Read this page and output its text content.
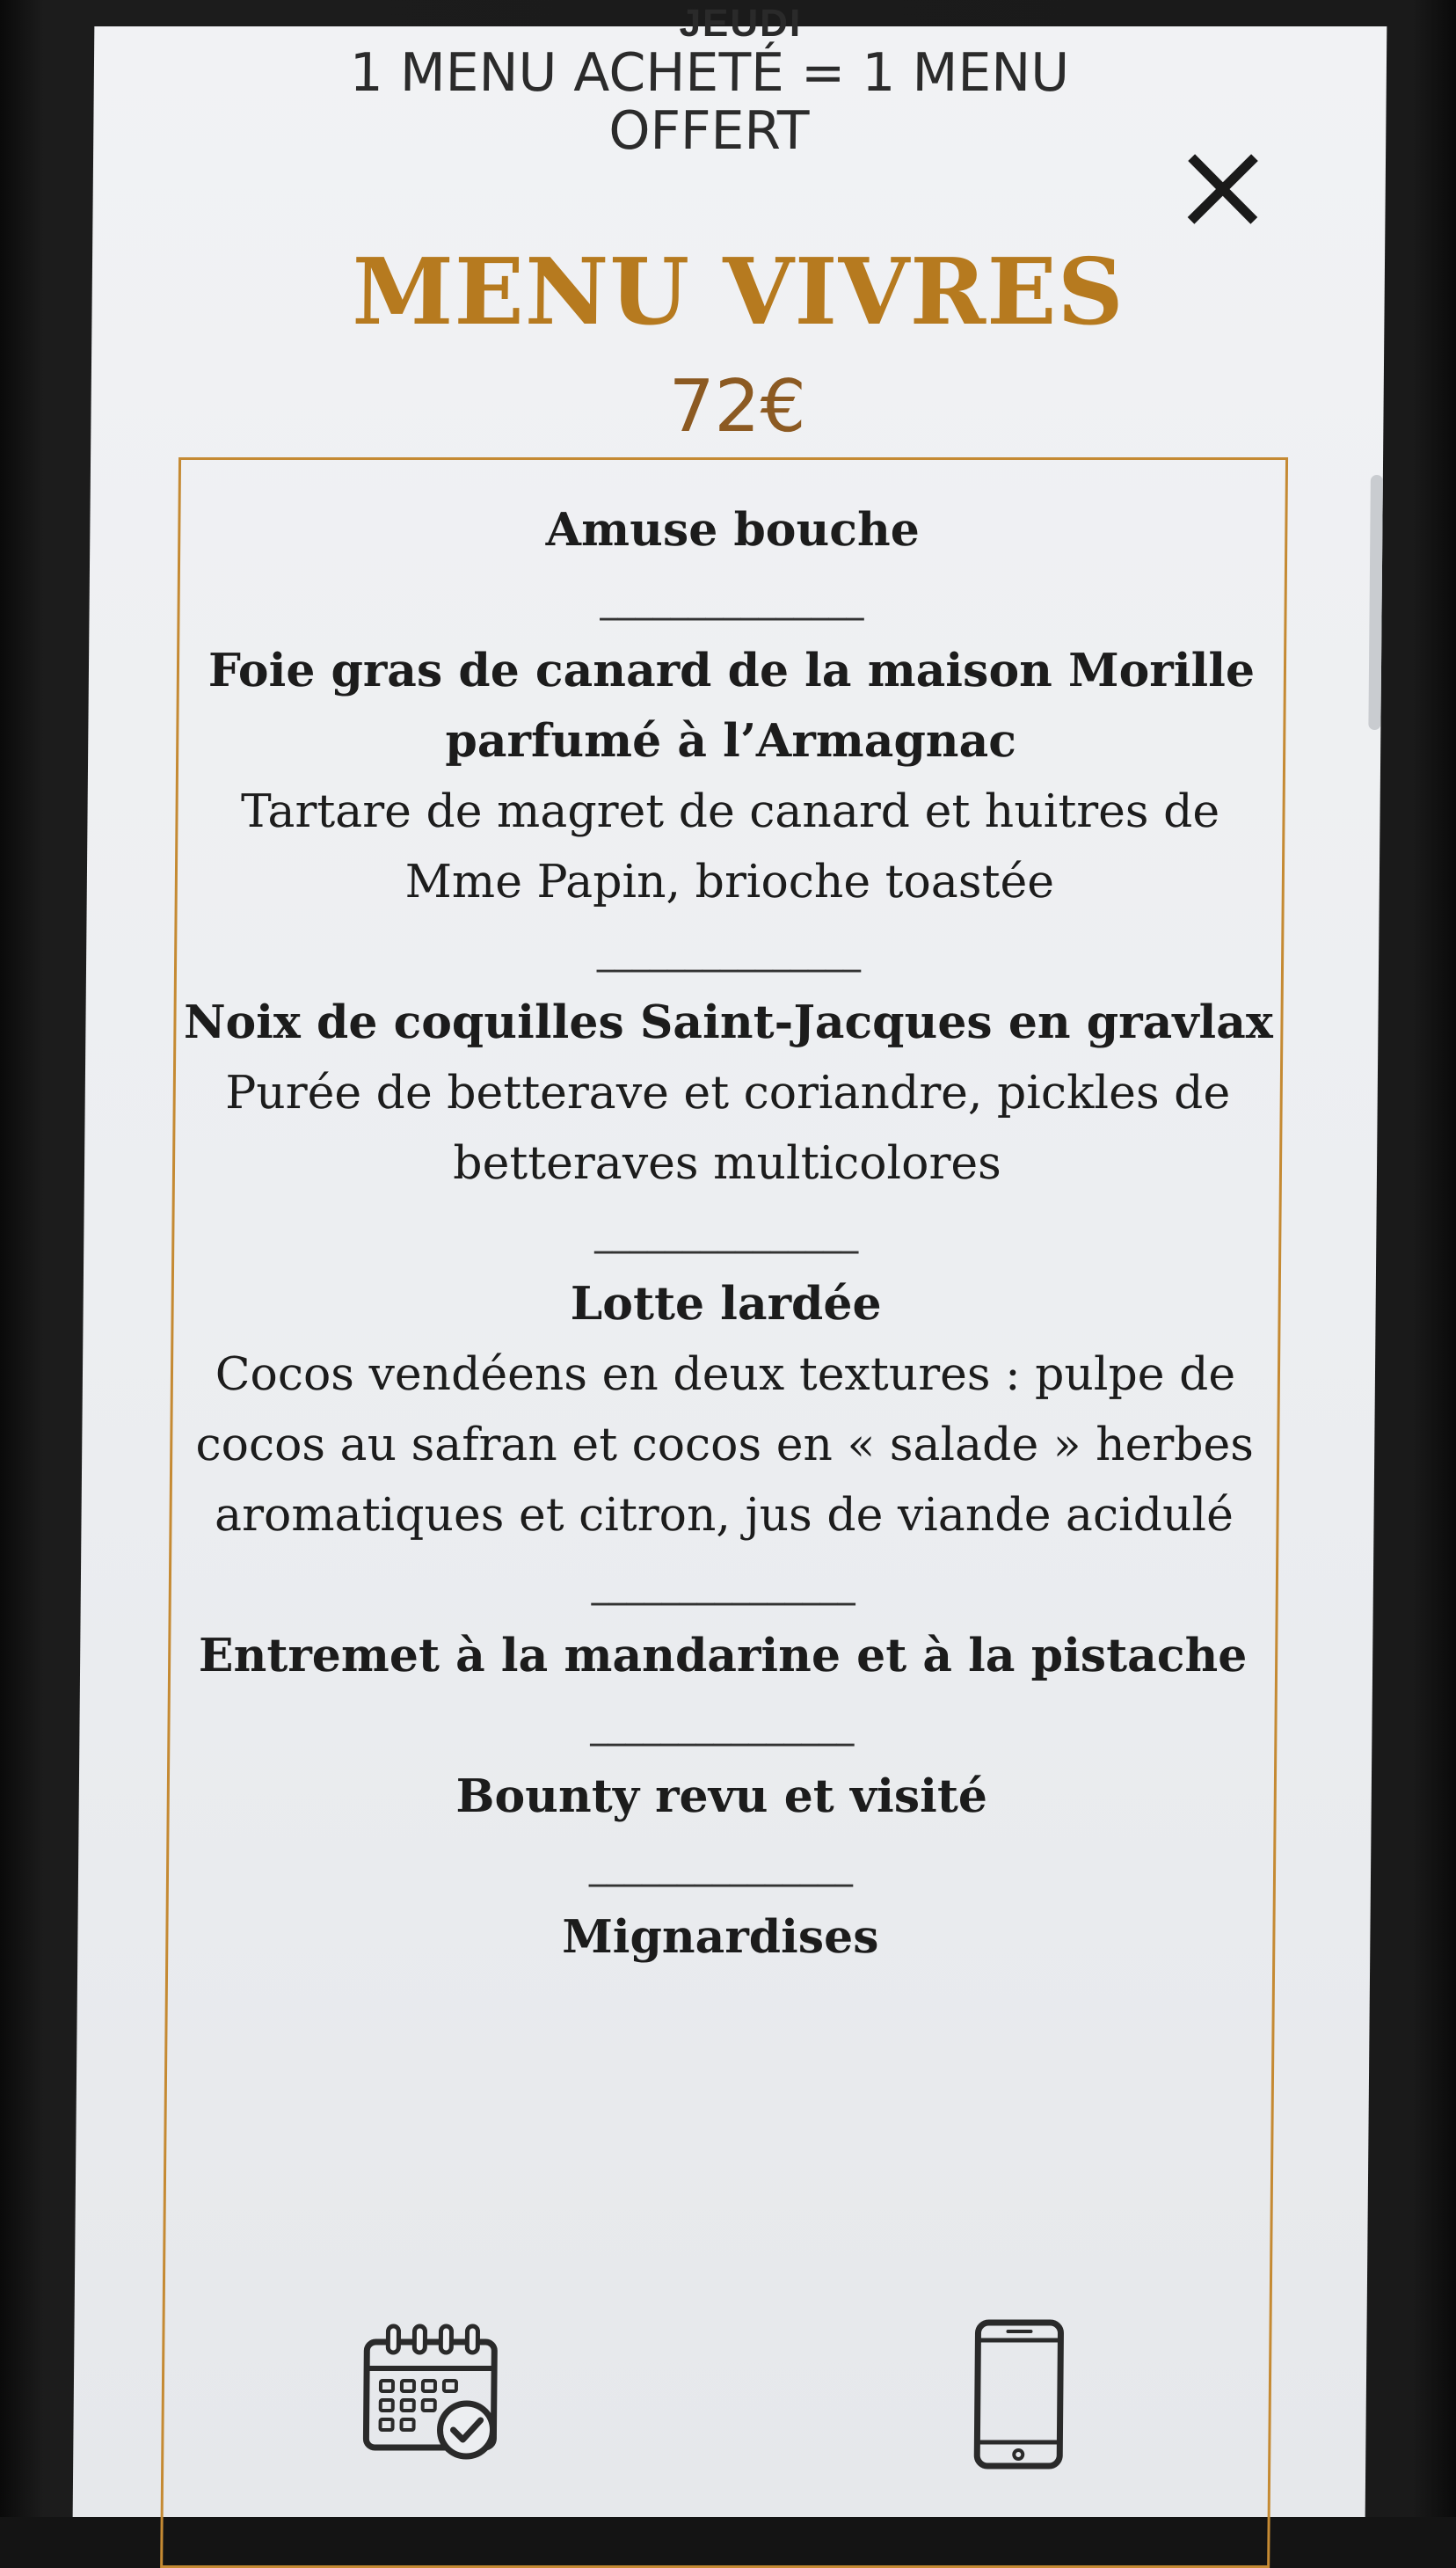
JEUDI
1 MENU ACHETÉ = 1 MENU OFFERT
MENU VIVRES
72€
Amuse bouche
_______________
Foie gras de canard de la maison Morille parfumé à l’Armagnac
Tartare de magret de canard et huitres de Mme Papin, brioche toastée
_______________
Noix de coquilles Saint-Jacques en gravlax
Purée de betterave et coriandre, pickles de betteraves multicolores
_______________
Lotte lardée
Cocos vendéens en deux textures : pulpe de cocos au safran et cocos en « salade » herbes aromatiques et citron, jus de viande acidulé
_______________
Entremet à la mandarine et à la pistache
_______________
Bounty revu et visité
_______________
Mignardises
